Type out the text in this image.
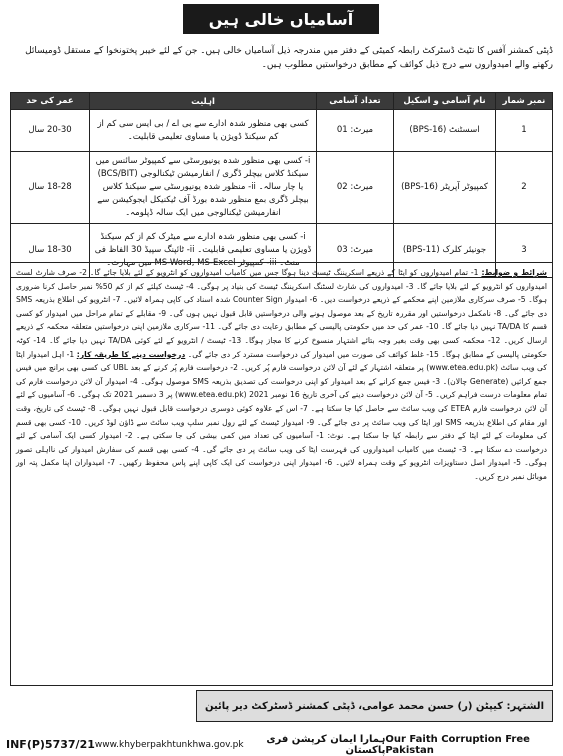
آسامیاں خالی ہیں
ڈپٹی کمشنر آفس کا نٹیٹ ڈسٹرکٹ رابطہ کمیٹی کے دفتر میں مندرجہ ذیل آسامیاں خالی ہیں۔ جن کے لئے خیبر پختونخوا کے مستقل ڈومیسائل رکھنے والے امیدواروں سے درج ذیل کوائف کے مطابق درخواستیں مطلوب ہیں۔
نمبر شمار	نام آسامی و اسکیل	تعداد آسامی	اہلیت	عمر کی حد
1	اسسٹنٹ (BPS-16)	میرٹ: 01	کسی بھی منظور شدہ ادارے سے بی اے / بی ایس سی کم از کم سیکنڈ ڈویژن یا مساوی تعلیمی قابلیت۔	20-30 سال
2	کمپیوٹر آپریٹر (BPS-16)	میرٹ: 02	i- کسی بھی منظور شدہ یونیورسٹی سے کمپیوٹر سائنس میں سیکنڈ کلاس بیچلر ڈگری / انفارمیشن ٹیکنالوجی (BCS/BIT) یا چار سالہ۔ ii- منظور شدہ یونیورسٹی سے سیکنڈ کلاس بیچلر ڈگری بمع منظور شدہ بورڈ آف ٹیکنیکل ایجوکیشن سے انفارمیشن ٹیکنالوجی میں ایک سالہ ڈپلومہ۔	18-28 سال
3	جونیئر کلرک (BPS-11)	میرٹ: 03	i- کسی بھی منظور شدہ ادارے سے میٹرک کم از کم سیکنڈ ڈویژن یا مساوی تعلیمی قابلیت۔ ii- ٹائپنگ سپیڈ 30 الفاظ فی منٹ۔ iii- کمپیوٹر MS-Word, MS-Excel میں مہارت۔	18-30 سال
شرائط و ضوابط: 1- تمام امیدواروں کو ایٹا کے ذریعے اسکریننگ ٹیسٹ دینا ہوگا جس میں کامیاب امیدواروں کو انٹرویو کے لئے بلایا جائے گا۔ 2- صرف شارٹ لسٹ امیدواروں کو انٹرویو کے لئے بلایا جائے گا۔ 3- امیدواروں کی شارٹ لسٹنگ اسکریننگ ٹیسٹ کی بنیاد پر ہوگی۔ 4- ٹیسٹ کیلئے کم از کم 50% نمبر حاصل کرنا ضروری ہوگا۔ 5- صرف سرکاری ملازمین اپنے محکمے کے ذریعے درخواست دیں۔ 6- امیدوار Counter Sign شدہ اسناد کی کاپی ہمراہ لائیں۔ 7- انٹرویو کی اطلاع بذریعہ SMS دی جائے گی۔ 8- نامکمل درخواستیں اور مقررہ تاریخ کے بعد موصول ہونے والی درخواستیں قابل قبول نہیں ہوں گی۔ 9- مقابلے کے تمام مراحل میں امیدوار کو کسی قسم کا TA/DA نہیں دیا جائے گا۔ 10- عمر کی حد میں حکومتی پالیسی کے مطابق رعایت دی جائے گی۔ 11- سرکاری ملازمین اپنی درخواستیں متعلقہ محکمہ کے ذریعے ارسال کریں۔ 12- محکمہ کسی بھی وقت بغیر وجہ بتائے اشتہار منسوخ کرنے کا مجاز ہوگا۔ 13- ٹیسٹ / انٹرویو کے لئے کوئی TA/DA نہیں دیا جائے گا۔ 14- کوٹہ حکومتی پالیسی کے مطابق ہوگا۔ 15- غلط کوائف کی صورت میں امیدوار کی درخواست مسترد کر دی جائے گی۔ درخواست دینے کا طریقہ کار: 1- اہل امیدوار ایٹا کی ویب سائٹ (www.etea.edu.pk) پر متعلقہ اشتہار کے لئے آن لائن درخواست فارم پُر کریں۔ 2- درخواست فارم پُر کرنے کے بعد UBL کی کسی بھی برانچ میں فیس جمع کرائیں (Generate چالان)۔ 3- فیس جمع کرانے کے بعد امیدوار کو اپنی درخواست کی تصدیق بذریعہ SMS موصول ہوگی۔ 4- امیدوار آن لائن درخواست فارم کی تمام معلومات درست فراہم کریں۔ 5- آن لائن درخواست دینے کی آخری تاریخ 16 نومبر 2021 (www.etea.edu.pk) پر 3 دسمبر 2021 تک ہوگی۔ 6- آسامیوں کے لئے آن لائن درخواست فارم ETEA کی ویب سائٹ سے حاصل کیا جا سکتا ہے۔ 7- اس کے علاوہ کوئی دوسری درخواست قابل قبول نہیں ہوگی۔ 8- ٹیسٹ کی تاریخ، وقت اور مقام کی اطلاع بذریعہ SMS اور ایٹا کی ویب سائٹ پر دی جائے گی۔ 9- امیدوار ٹیسٹ کے لئے رول نمبر سلپ ویب سائٹ سے ڈاؤن لوڈ کریں۔ 10- کسی بھی قسم کی معلومات کے لئے ایٹا کے دفتر سے رابطہ کیا جا سکتا ہے۔ نوٹ: 1- آسامیوں کی تعداد میں کمی بیشی کی جا سکتی ہے۔ 2- امیدوار کسی ایک آسامی کے لئے درخواست دے سکتا ہے۔ 3- ٹیسٹ میں کامیاب امیدواروں کی فہرست ایٹا کی ویب سائٹ پر دی جائے گی۔ 4- کسی بھی قسم کی سفارش امیدوار کی نااہلی تصور ہوگی۔ 5- امیدوار اصل دستاویزات انٹرویو کے وقت ہمراہ لائیں۔ 6- امیدوار اپنی درخواست کی ایک کاپی اپنے پاس محفوظ رکھیں۔ 7- امیدواران اپنا مکمل پتہ اور موبائل نمبر درج کریں۔
الشتہر: کیپٹن (ر) حسن محمد عوامی، ڈپٹی کمشنر ڈسٹرکٹ دیر پائین
INF(P)5737/21 www.khyberpakhtunkhwa.gov.pk	ہمارا ایمان کرپشن فری پاکستان
Our Faith Corruption Free Pakistan
